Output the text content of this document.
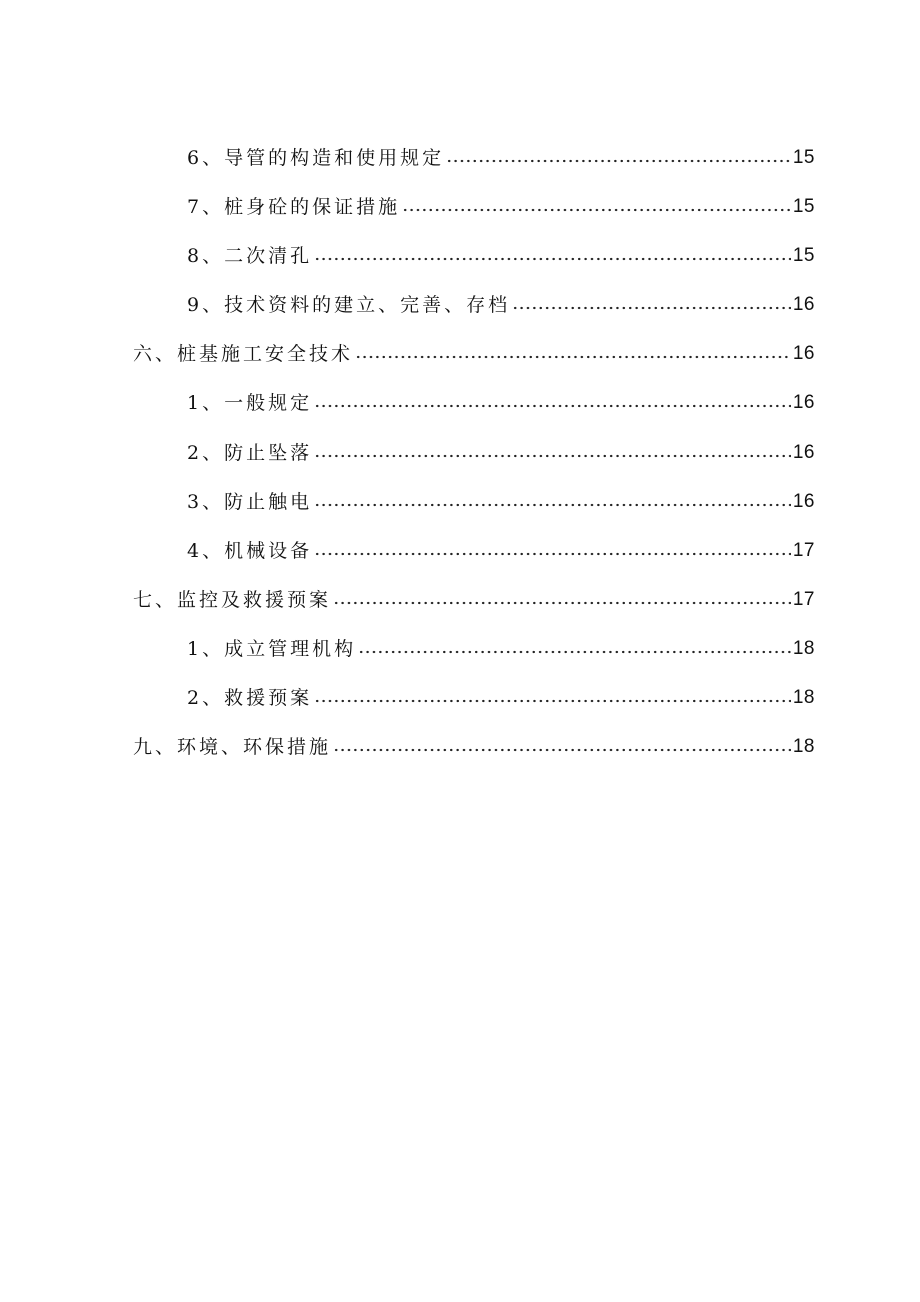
6、导管的构造和使用规定	15
7、桩身砼的保证措施	15
8、二次清孔	15
9、技术资料的建立、完善、存档	16
六、桩基施工安全技术	16
1、一般规定	16
2、防止坠落	16
3、防止触电	16
4、机械设备	17
七、监控及救援预案	17
1、成立管理机构	18
2、救援预案	18
九、环境、环保措施	18
